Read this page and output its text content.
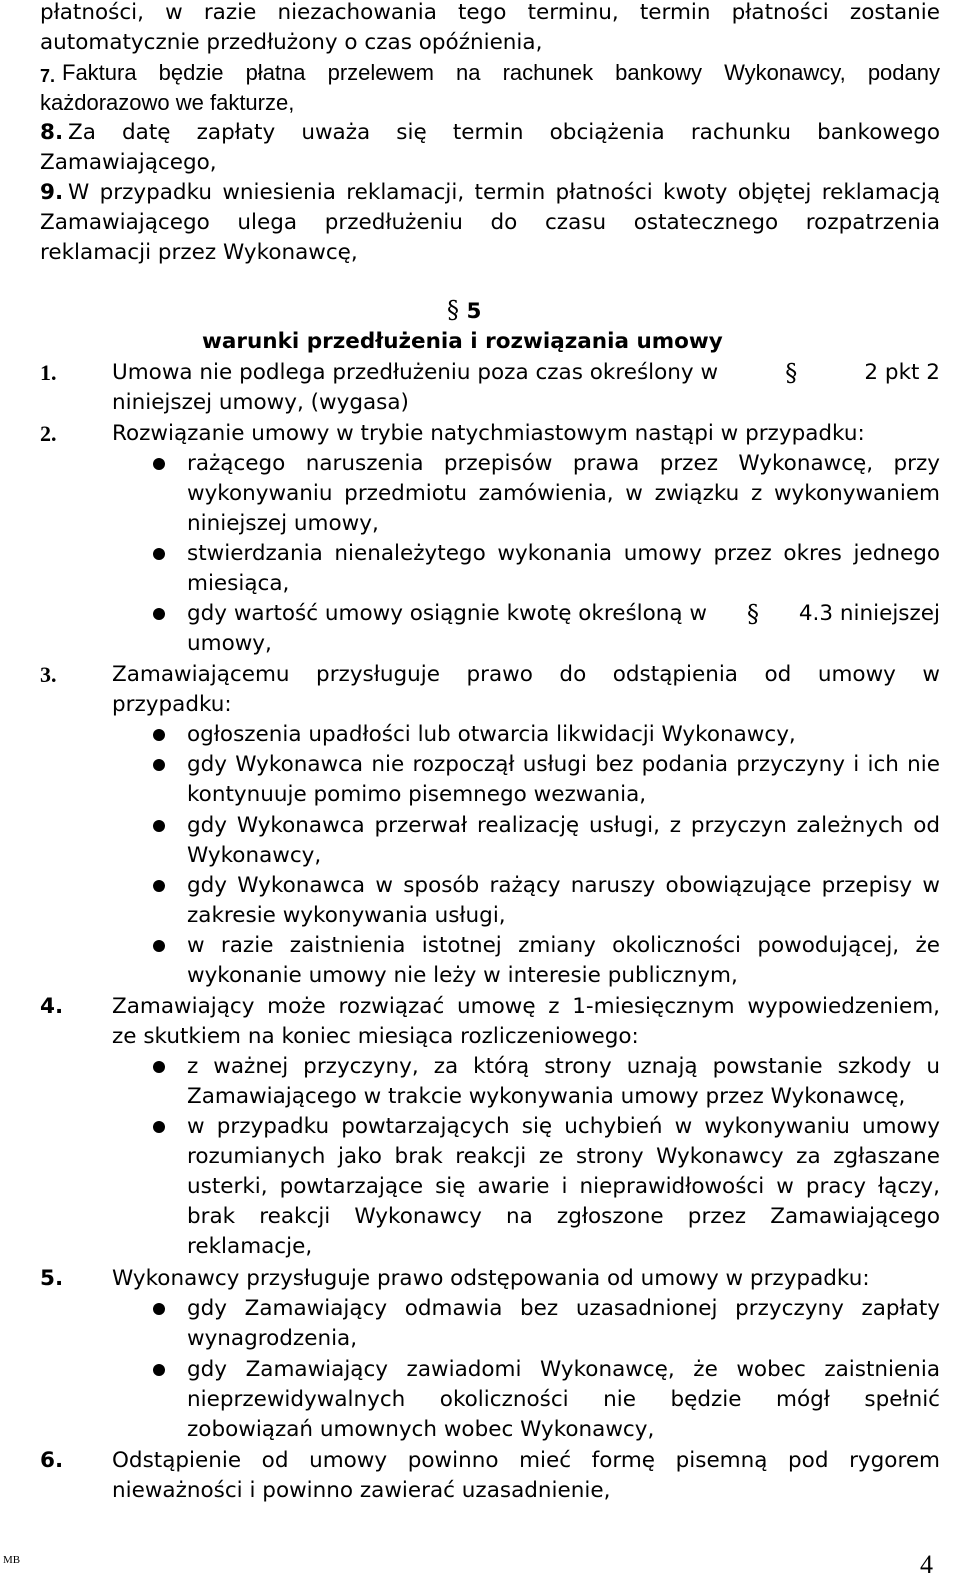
płatności, w razie niezachowania tego terminu, termin płatności zostanie
automatycznie przedłużony o czas opóźnienia,
7. Faktura będzie płatna przelewem na rachunek bankowy Wykonawcy, podany
każdorazowo we fakturze,
8. Za datę zapłaty uważa się termin obciążenia rachunku bankowego
Zamawiającego,
9. W przypadku wniesienia reklamacji, termin płatności kwoty objętej reklamacją
Zamawiającego ulega przedłużeniu do czasu ostatecznego rozpatrzenia
reklamacji przez Wykonawcę,
§ 5
warunki przedłużenia i rozwiązania umowy
1.	Umowa nie podlega przedłużeniu poza czas określony w	§	2 pkt 2
niniejszej umowy, (wygasa)
2.	Rozwiązanie umowy w trybie natychmiastowym nastąpi w przypadku:
rażącego naruszenia przepisów prawa przez Wykonawcę, przy
wykonywaniu przedmiotu zamówienia, w związku z wykonywaniem
niniejszej umowy,
stwierdzania nienależytego wykonania umowy przez okres jednego
miesiąca,
gdy wartość umowy osiągnie kwotę określoną w § 4.3 niniejszej
umowy,
3.	Zamawiającemu przysługuje prawo do odstąpienia od umowy w
przypadku:
ogłoszenia upadłości lub otwarcia likwidacji Wykonawcy,
gdy Wykonawca nie rozpoczął usługi bez podania przyczyny i ich nie
kontynuuje pomimo pisemnego wezwania,
gdy Wykonawca przerwał realizację usługi, z przyczyn zależnych od
Wykonawcy,
gdy Wykonawca w sposób rażący naruszy obowiązujące przepisy w
zakresie wykonywania usługi,
w razie zaistnienia istotnej zmiany okoliczności powodującej, że
wykonanie umowy nie leży w interesie publicznym,
4.	Zamawiający może rozwiązać umowę z 1-miesięcznym wypowiedzeniem,
ze skutkiem na koniec miesiąca rozliczeniowego:
z ważnej przyczyny, za którą strony uznają powstanie szkody u
Zamawiającego w trakcie wykonywania umowy przez Wykonawcę,
w przypadku powtarzających się uchybień w wykonywaniu umowy
rozumianych jako brak reakcji ze strony Wykonawcy za zgłaszane
usterki, powtarzające się awarie i nieprawidłowości w pracy łączy,
brak reakcji Wykonawcy na zgłoszone przez Zamawiającego
reklamacje,
5.	Wykonawcy przysługuje prawo odstępowania od umowy w przypadku:
gdy Zamawiający odmawia bez uzasadnionej przyczyny zapłaty
wynagrodzenia,
gdy Zamawiający zawiadomi Wykonawcę, że wobec zaistnienia
nieprzewidywalnych okoliczności nie będzie mógł spełnić
zobowiązań umownych wobec Wykonawcy,
6.	Odstąpienie od umowy powinno mieć formę pisemną pod rygorem
nieważności i powinno zawierać uzasadnienie,
MB	4
